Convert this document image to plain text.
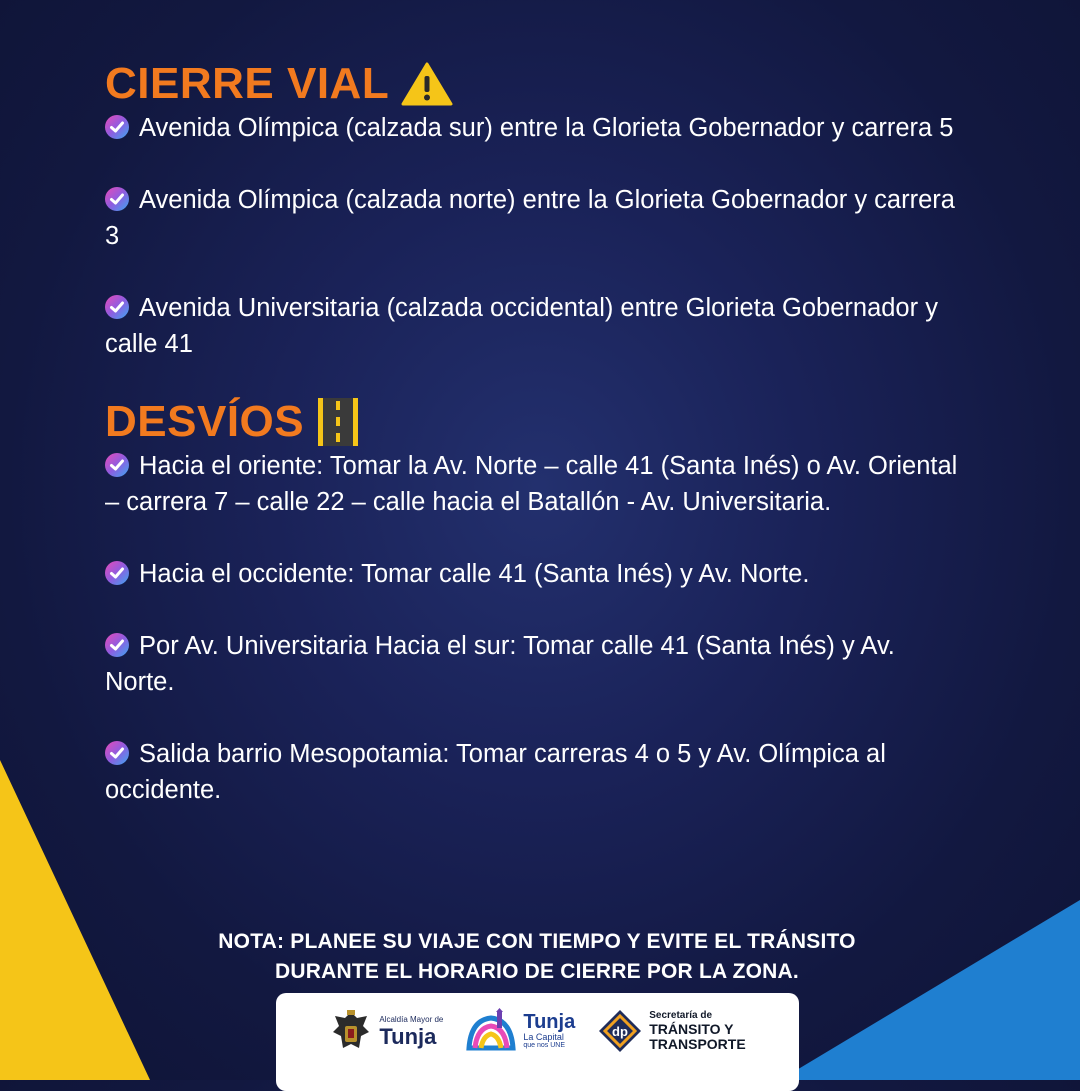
CIERRE VIAL
Avenida Olímpica (calzada sur) entre la Glorieta Gobernador y carrera 5
Avenida Olímpica (calzada norte) entre la Glorieta Gobernador y carrera 3
Avenida Universitaria (calzada occidental) entre Glorieta Gobernador y calle 41
DESVÍOS
Hacia el oriente: Tomar la Av. Norte – calle 41 (Santa Inés) o Av. Oriental – carrera 7 – calle 22 – calle hacia el Batallón - Av. Universitaria.
Hacia el occidente: Tomar calle 41 (Santa Inés) y Av. Norte.
Por Av. Universitaria Hacia el sur: Tomar calle 41 (Santa Inés) y Av. Norte.
Salida barrio Mesopotamia: Tomar carreras 4 o 5 y Av. Olímpica al occidente.
NOTA: PLANEE SU VIAJE CON TIEMPO Y EVITE EL TRÁNSITO
DURANTE EL HORARIO DE CIERRE POR LA ZONA.
Alcaldía Mayor de
Tunja
Tunja
La Capital
que nos UNE
dp
Secretaría de
TRÁNSITO Y
TRANSPORTE
